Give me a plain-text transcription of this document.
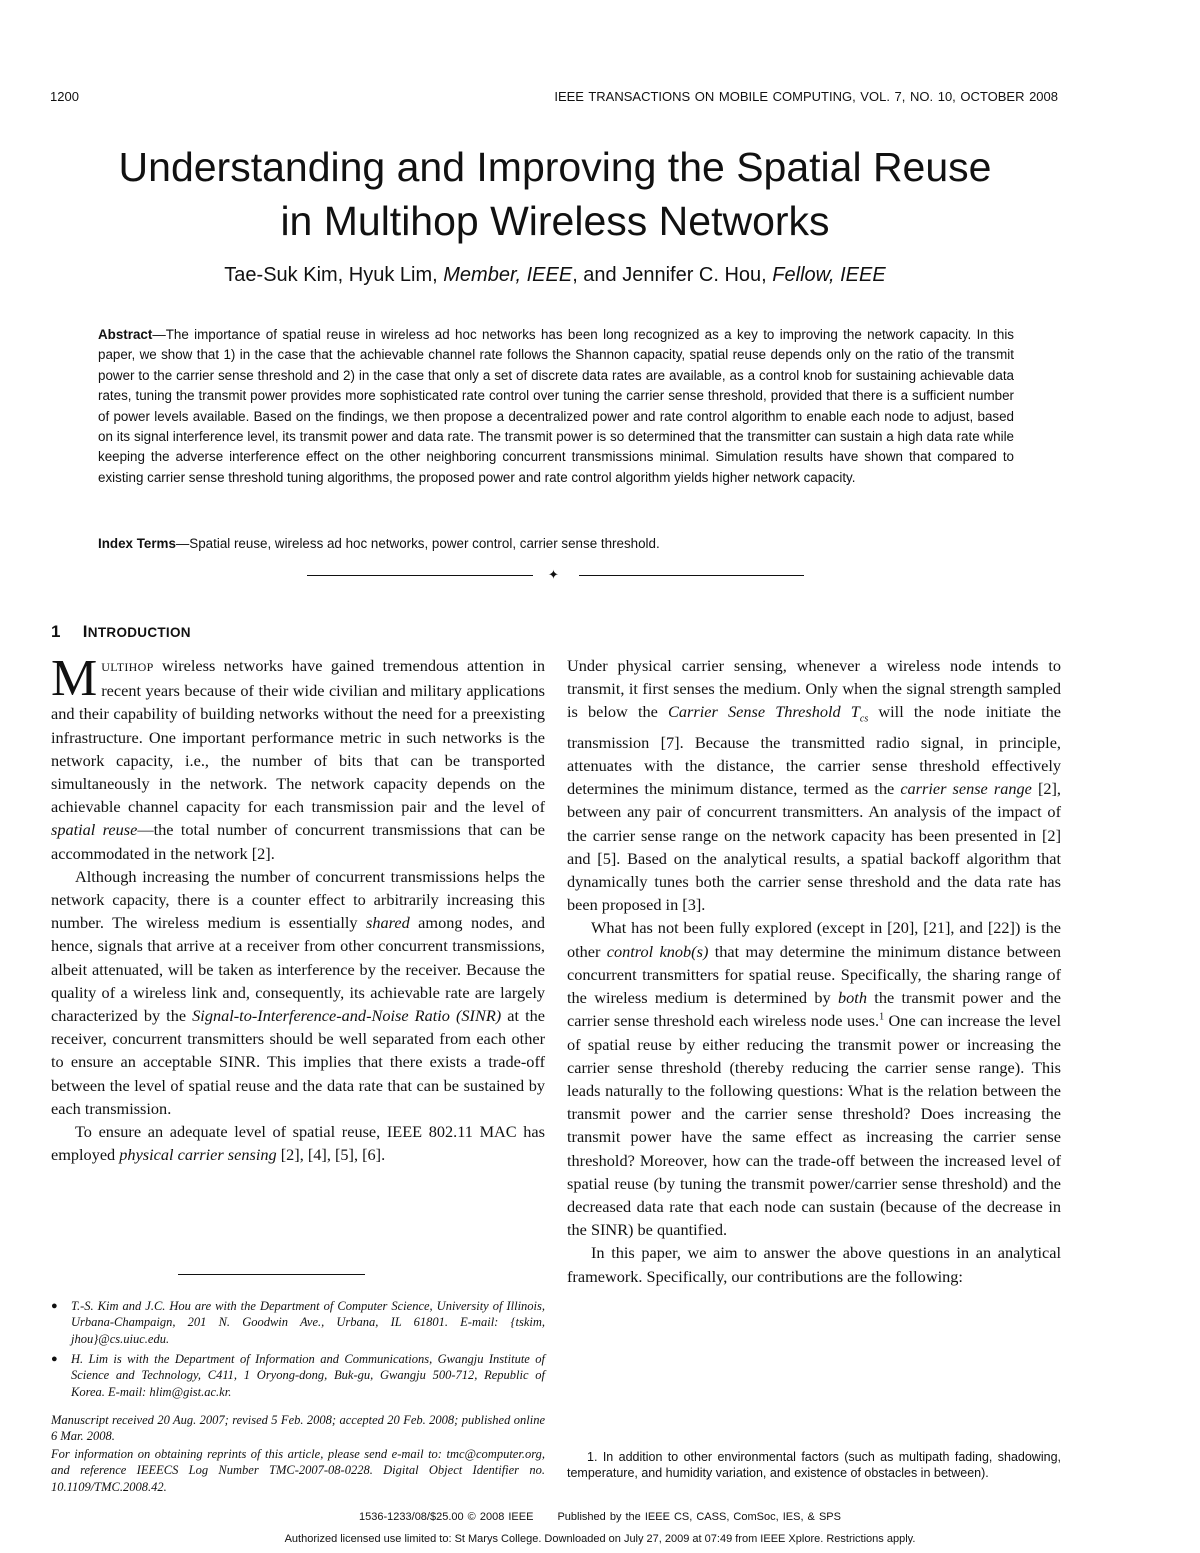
1200	IEEE TRANSACTIONS ON MOBILE COMPUTING, VOL. 7, NO. 10, OCTOBER 2008
Understanding and Improving the Spatial Reuse
in Multihop Wireless Networks
Tae-Suk Kim, Hyuk Lim, Member, IEEE, and Jennifer C. Hou, Fellow, IEEE
Abstract—The importance of spatial reuse in wireless ad hoc networks has been long recognized as a key to improving the network capacity. In this paper, we show that 1) in the case that the achievable channel rate follows the Shannon capacity, spatial reuse depends only on the ratio of the transmit power to the carrier sense threshold and 2) in the case that only a set of discrete data rates are available, as a control knob for sustaining achievable data rates, tuning the transmit power provides more sophisticated rate control over tuning the carrier sense threshold, provided that there is a sufficient number of power levels available. Based on the findings, we then propose a decentralized power and rate control algorithm to enable each node to adjust, based on its signal interference level, its transmit power and data rate. The transmit power is so determined that the transmitter can sustain a high data rate while keeping the adverse interference effect on the other neighboring concurrent transmissions minimal. Simulation results have shown that compared to existing carrier sense threshold tuning algorithms, the proposed power and rate control algorithm yields higher network capacity.
Index Terms—Spatial reuse, wireless ad hoc networks, power control, carrier sense threshold.
✦
1 INTRODUCTION

MULTIHOP wireless networks have gained tremendous attention in recent years because of their wide civilian and military applications and their capability of building networks without the need for a preexisting infrastructure. One important performance metric in such networks is the network capacity, i.e., the number of bits that can be transported simultaneously in the network. The network capacity depends on the achievable channel capacity for each transmission pair and the level of spatial reuse—the total number of concurrent transmissions that can be accommodated in the network [2].

Although increasing the number of concurrent transmissions helps the network capacity, there is a counter effect to arbitrarily increasing this number. The wireless medium is essentially shared among nodes, and hence, signals that arrive at a receiver from other concurrent transmissions, albeit attenuated, will be taken as interference by the receiver. Because the quality of a wireless link and, consequently, its achievable rate are largely characterized by the Signal-to-Interference-and-Noise Ratio (SINR) at the receiver, concurrent transmitters should be well separated from each other to ensure an acceptable SINR. This implies that there exists a trade-off between the level of spatial reuse and the data rate that can be sustained by each transmission.

To ensure an adequate level of spatial reuse, IEEE 802.11 MAC has employed physical carrier sensing [2], [4], [5], [6].

Under physical carrier sensing, whenever a wireless node intends to transmit, it first senses the medium. Only when the signal strength sampled is below the Carrier Sense Threshold $T_{cs}$ will the node initiate the transmission [7]. Because the transmitted radio signal, in principle, attenuates with the distance, the carrier sense threshold effectively determines the minimum distance, termed as the carrier sense range [2], between any pair of concurrent transmitters. An analysis of the impact of the carrier sense range on the network capacity has been presented in [2] and [5]. Based on the analytical results, a spatial backoff algorithm that dynamically tunes both the carrier sense threshold and the data rate has been proposed in [3].

What has not been fully explored (except in [20], [21], and [22]) is the other control knob(s) that may determine the minimum distance between concurrent transmitters for spatial reuse. Specifically, the sharing range of the wireless medium is determined by both the transmit power and the carrier sense threshold each wireless node uses.$^1$ One can increase the level of spatial reuse by either reducing the transmit power or increasing the carrier sense threshold (thereby reducing the carrier sense range). This leads naturally to the following questions: What is the relation between the transmit power and the carrier sense threshold? Does increasing the transmit power have the same effect as increasing the carrier sense threshold? Moreover, how can the trade-off between the increased level of spatial reuse (by tuning the transmit power/carrier sense threshold) and the decreased data rate that each node can sustain (because of the decrease in the SINR) be quantified.

In this paper, we aim to answer the above questions in an analytical framework. Specifically, our contributions are the following:

● T.-S. Kim and J.C. Hou are with the Department of Computer Science, University of Illinois, Urbana-Champaign, 201 N. Goodwin Ave., Urbana, IL 61801. E-mail: {tskim, jhou}@cs.uiuc.edu.
● H. Lim is with the Department of Information and Communications, Gwangju Institute of Science and Technology, C411, 1 Oryong-dong, Buk-gu, Gwangju 500-712, Republic of Korea. E-mail: hlim@gist.ac.kr.
Manuscript received 20 Aug. 2007; revised 5 Feb. 2008; accepted 20 Feb. 2008; published online 6 Mar. 2008.
For information on obtaining reprints of this article, please send e-mail to: tmc@computer.org, and reference IEEECS Log Number TMC-2007-08-0228. Digital Object Identifier no. 10.1109/TMC.2008.42.
1. In addition to other environmental factors (such as multipath fading, shadowing, temperature, and humidity variation, and existence of obstacles in between).
1536-1233/08/$25.00 © 2008 IEEE Published by the IEEE CS, CASS, ComSoc, IES, & SPS
Authorized licensed use limited to: St Marys College. Downloaded on July 27, 2009 at 07:49 from IEEE Xplore. Restrictions apply.
